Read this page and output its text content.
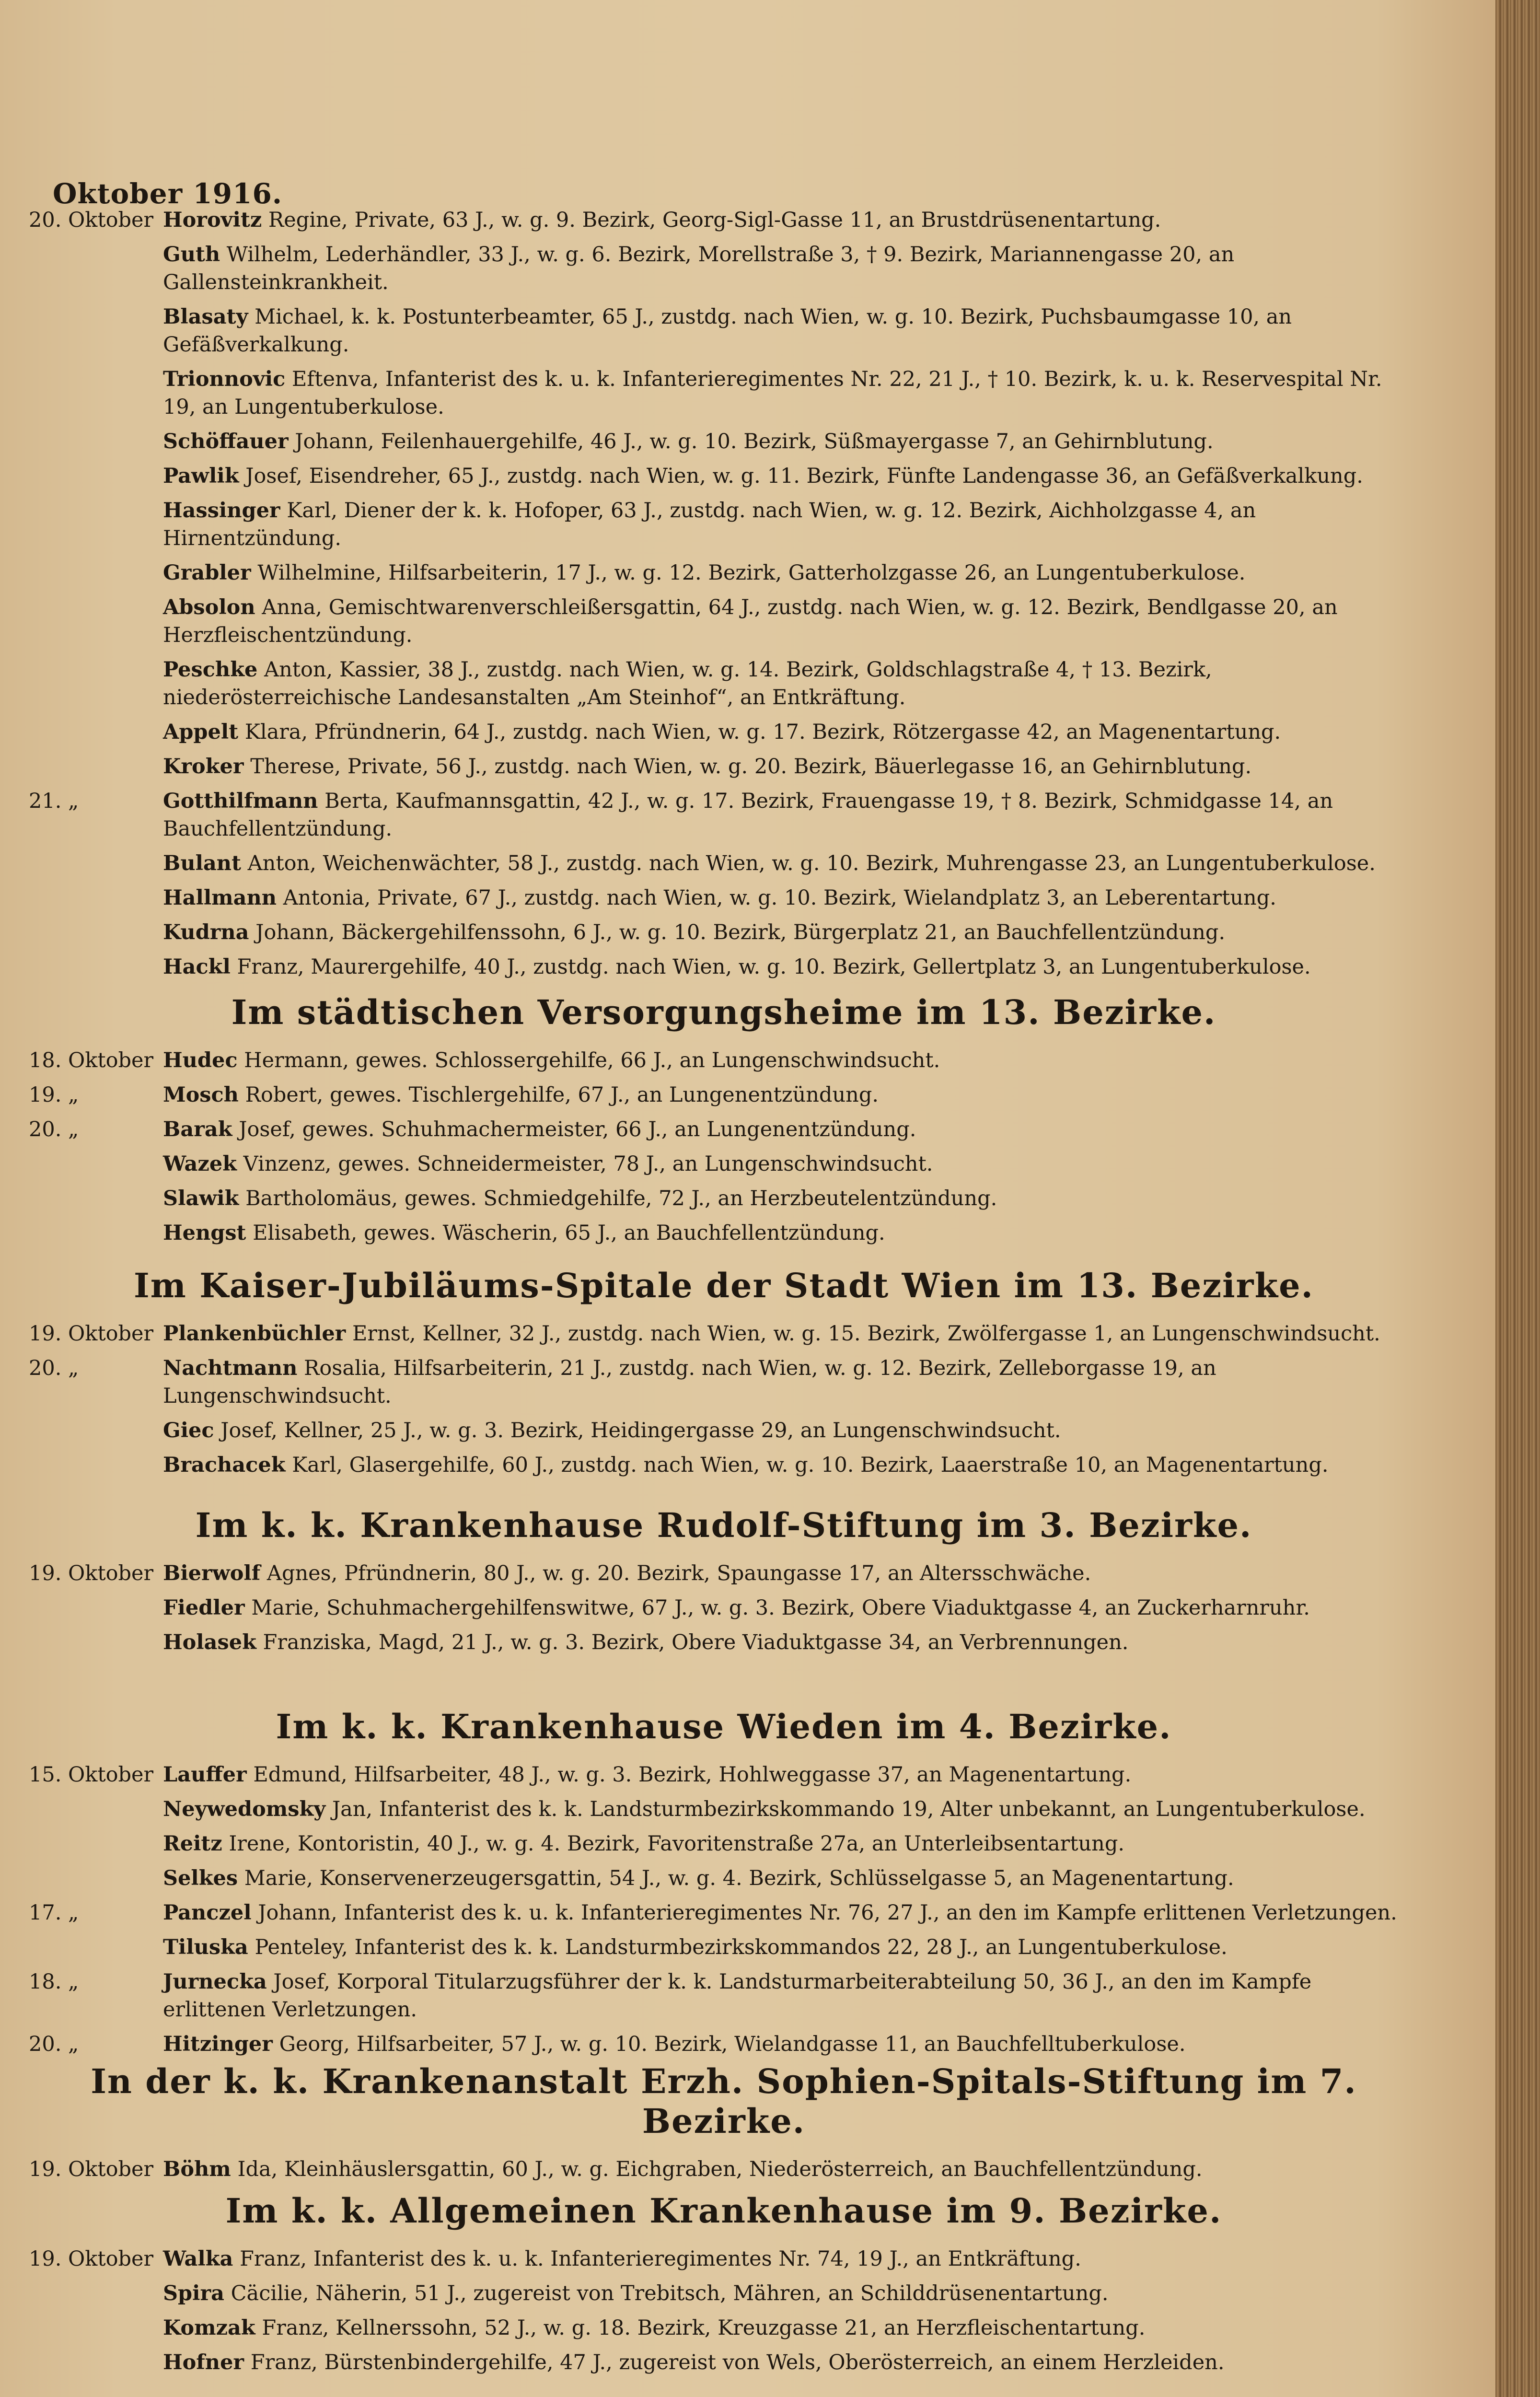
Oktober 1916.
20. Oktober Horovitz Regine, Private, 63 J., w. g. 9. Bezirk, Georg-Sigl-Gasse 11, an Brustdrüsenentartung.
Guth Wilhelm, Lederhändler, 33 J., w. g. 6. Bezirk, Morellstraße 3, † 9. Bezirk, Mariannengasse 20, an Gallensteinkrankheit.
Blasaty Michael, k. k. Postunterbeamter, 65 J., zustdg. nach Wien, w. g. 10. Bezirk, Puchsbaumgasse 10, an Gefäßverkalkung.
Trionnovic Eftenva, Infanterist des k. u. k. Infanterieregimentes Nr. 22, 21 J., † 10. Bezirk, k. u. k. Reservespital Nr. 19, an Lungentuberkulose.
Schöffauer Johann, Feilenhauergehilfe, 46 J., w. g. 10. Bezirk, Süßmayergasse 7, an Gehirnblutung.
Pawlik Josef, Eisendreher, 65 J., zustdg. nach Wien, w. g. 11. Bezirk, Fünfte Landengasse 36, an Gefäßverkalkung.
Hassinger Karl, Diener der k. k. Hofoper, 63 J., zustdg. nach Wien, w. g. 12. Bezirk, Aichholzgasse 4, an Hirnentzündung.
Grabler Wilhelmine, Hilfsarbeiterin, 17 J., w. g. 12. Bezirk, Gatterholzgasse 26, an Lungentuberkulose.
Absolon Anna, Gemischtwarenverschleißersgattin, 64 J., zustdg. nach Wien, w. g. 12. Bezirk, Bendlgasse 20, an Herzfleischentzündung.
Peschke Anton, Kassier, 38 J., zustdg. nach Wien, w. g. 14. Bezirk, Goldschlagstraße 4, † 13. Bezirk, niederösterreichische Landesanstalten „Am Steinhof“, an Entkräftung.
Appelt Klara, Pfründnerin, 64 J., zustdg. nach Wien, w. g. 17. Bezirk, Rötzergasse 42, an Magenentartung.
Kroker Therese, Private, 56 J., zustdg. nach Wien, w. g. 20. Bezirk, Bäuerlegasse 16, an Gehirnblutung.
21. „	Gotthilfmann Berta, Kaufmannsgattin, 42 J., w. g. 17. Bezirk, Frauengasse 19, † 8. Bezirk, Schmidgasse 14, an Bauchfellentzündung.
Bulant Anton, Weichenwächter, 58 J., zustdg. nach Wien, w. g. 10. Bezirk, Muhrengasse 23, an Lungentuberkulose.
Hallmann Antonia, Private, 67 J., zustdg. nach Wien, w. g. 10. Bezirk, Wielandplatz 3, an Leberentartung.
Kudrna Johann, Bäckergehilfenssohn, 6 J., w. g. 10. Bezirk, Bürgerplatz 21, an Bauchfellentzündung.
Hackl Franz, Maurergehilfe, 40 J., zustdg. nach Wien, w. g. 10. Bezirk, Gellertplatz 3, an Lungentuberkulose.
Im städtischen Versorgungsheime im 13. Bezirke.
18. Oktober Hudec Hermann, gewes. Schlossergehilfe, 66 J., an Lungenschwindsucht.
19. „	Mosch Robert, gewes. Tischlergehilfe, 67 J., an Lungenentzündung.
20. „	Barak Josef, gewes. Schuhmachermeister, 66 J., an Lungenentzündung.
Wazek Vinzenz, gewes. Schneidermeister, 78 J., an Lungenschwindsucht.
Slawik Bartholomäus, gewes. Schmiedgehilfe, 72 J., an Herzbeutelentzündung.
Hengst Elisabeth, gewes. Wäscherin, 65 J., an Bauchfellentzündung.
Im Kaiser-Jubiläums-Spitale der Stadt Wien im 13. Bezirke.
19. Oktober Plankenbüchler Ernst, Kellner, 32 J., zustdg. nach Wien, w. g. 15. Bezirk, Zwölfergasse 1, an Lungenschwindsucht.
20. „	Nachtmann Rosalia, Hilfsarbeiterin, 21 J., zustdg. nach Wien, w. g. 12. Bezirk, Zelleborgasse 19, an Lungenschwindsucht.
Giec Josef, Kellner, 25 J., w. g. 3. Bezirk, Heidingergasse 29, an Lungenschwindsucht.
Brachacek Karl, Glasergehilfe, 60 J., zustdg. nach Wien, w. g. 10. Bezirk, Laaerstraße 10, an Magenentartung.
Im k. k. Krankenhause Rudolf-Stiftung im 3. Bezirke.
19. Oktober Bierwolf Agnes, Pfründnerin, 80 J., w. g. 20. Bezirk, Spaungasse 17, an Altersschwäche.
Fiedler Marie, Schuhmachergehilfenswitwe, 67 J., w. g. 3. Bezirk, Obere Viaduktgasse 4, an Zuckerharnruhr.
Holasek Franziska, Magd, 21 J., w. g. 3. Bezirk, Obere Viaduktgasse 34, an Verbrennungen.
Im k. k. Krankenhause Wieden im 4. Bezirke.
15. Oktober Lauffer Edmund, Hilfsarbeiter, 48 J., w. g. 3. Bezirk, Hohlweggasse 37, an Magenentartung.
Neywedomsky Jan, Infanterist des k. k. Landsturmbezirkskommando 19, Alter unbekannt, an Lungentuberkulose.
Reitz Irene, Kontoristin, 40 J., w. g. 4. Bezirk, Favoritenstraße 27a, an Unterleibsentartung.
Selkes Marie, Konservenerzeugersgattin, 54 J., w. g. 4. Bezirk, Schlüsselgasse 5, an Magenentartung.
17. „	Panczel Johann, Infanterist des k. u. k. Infanterieregimentes Nr. 76, 27 J., an den im Kampfe erlittenen Verletzungen.
Tiluska Penteley, Infanterist des k. k. Landsturmbezirkskommandos 22, 28 J., an Lungentuberkulose.
18. „	Jurnecka Josef, Korporal Titularzugsführer der k. k. Landsturmarbeiterabteilung 50, 36 J., an den im Kampfe erlittenen Verletzungen.
20. „	Hitzinger Georg, Hilfsarbeiter, 57 J., w. g. 10. Bezirk, Wielandgasse 11, an Bauchfelltuberkulose.
In der k. k. Krankenanstalt Erzh. Sophien-Spitals-Stiftung im 7. Bezirke.
19. Oktober Böhm Ida, Kleinhäuslersgattin, 60 J., w. g. Eichgraben, Niederösterreich, an Bauchfellentzündung.
Im k. k. Allgemeinen Krankenhause im 9. Bezirke.
19. Oktober Walka Franz, Infanterist des k. u. k. Infanterieregimentes Nr. 74, 19 J., an Entkräftung.
Spira Cäcilie, Näherin, 51 J., zugereist von Trebitsch, Mähren, an Schilddrüsenentartung.
Komzak Franz, Kellnerssohn, 52 J., w. g. 18. Bezirk, Kreuzgassе 21, an Herzfleischentartung.
Hofner Franz, Bürstenbindergehilfe, 47 J., zugereist von Wels, Oberösterreich, an einem Herzleiden.
